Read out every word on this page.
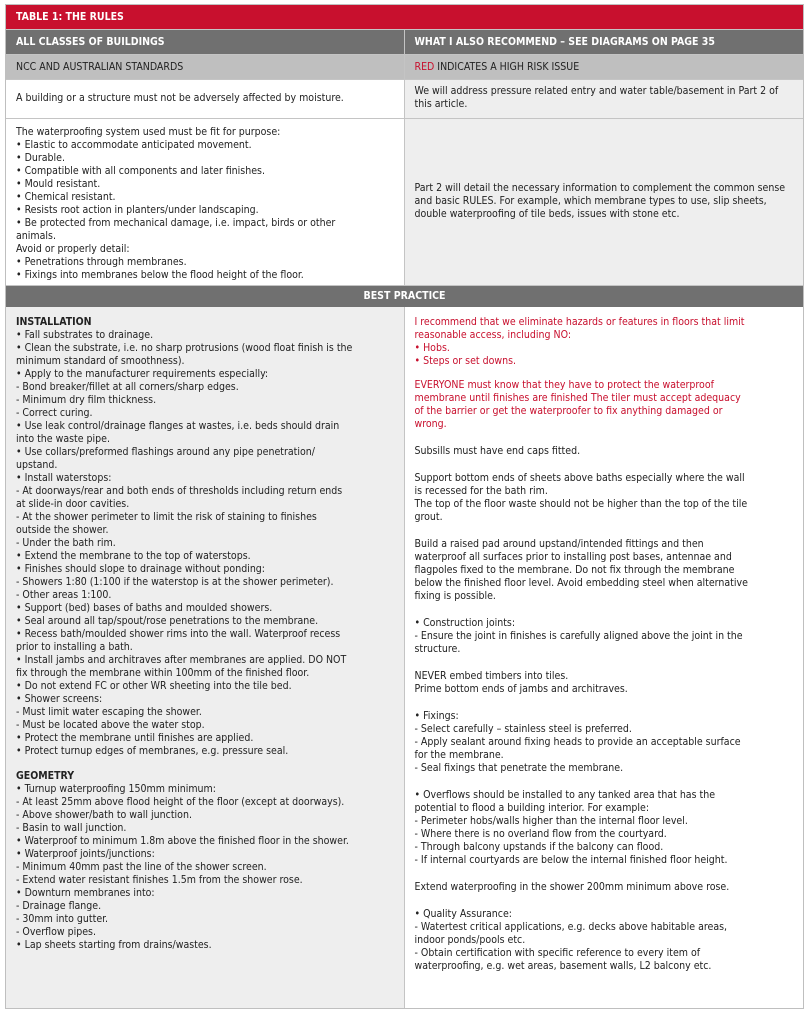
TABLE 1: THE RULES
ALL CLASSES OF BUILDINGS	WHAT I ALSO RECOMMEND – SEE DIAGRAMS ON PAGE 35
NCC AND AUSTRALIAN STANDARDS	RED INDICATES A HIGH RISK ISSUE
A building or a structure must not be adversely affected by moisture.
We will address pressure related entry and water table/basement in Part 2 of this article.
The waterproofing system used must be fit for purpose:
• Elastic to accommodate anticipated movement.
• Durable.
• Compatible with all components and later finishes.
• Mould resistant.
• Chemical resistant.
• Resists root action in planters/under landscaping.
• Be protected from mechanical damage, i.e. impact, birds or other
animals.
Avoid or properly detail:
• Penetrations through membranes.
• Fixings into membranes below the flood height of the floor.
Part 2 will detail the necessary information to complement the common sense and basic RULES. For example, which membrane types to use, slip sheets, double waterproofing of tile beds, issues with stone etc.
BEST PRACTICE
INSTALLATION
• Fall substrates to drainage.
• Clean the substrate, i.e. no sharp protrusions (wood float finish is the
minimum standard of smoothness).
• Apply to the manufacturer requirements especially:
- Bond breaker/fillet at all corners/sharp edges.
- Minimum dry film thickness.
- Correct curing.
• Use leak control/drainage flanges at wastes, i.e. beds should drain
into the waste pipe.
• Use collars/preformed flashings around any pipe penetration/
upstand.
• Install waterstops:
- At doorways/rear and both ends of thresholds including return ends
at slide-in door cavities.
- At the shower perimeter to limit the risk of staining to finishes
outside the shower.
- Under the bath rim.
• Extend the membrane to the top of waterstops.
• Finishes should slope to drainage without ponding:
- Showers 1:80 (1:100 if the waterstop is at the shower perimeter).
- Other areas 1:100.
• Support (bed) bases of baths and moulded showers.
• Seal around all tap/spout/rose penetrations to the membrane.
• Recess bath/moulded shower rims into the wall. Waterproof recess
prior to installing a bath.
• Install jambs and architraves after membranes are applied. DO NOT
fix through the membrane within 100mm of the finished floor.
• Do not extend FC or other WR sheeting into the tile bed.
• Shower screens:
- Must limit water escaping the shower.
- Must be located above the water stop.
• Protect the membrane until finishes are applied.
• Protect turnup edges of membranes, e.g. pressure seal.
GEOMETRY
• Turnup waterproofing 150mm minimum:
- At least 25mm above flood height of the floor (except at doorways).
- Above shower/bath to wall junction.
- Basin to wall junction.
• Waterproof to minimum 1.8m above the finished floor in the shower.
• Waterproof joints/junctions:
- Minimum 40mm past the line of the shower screen.
- Extend water resistant finishes 1.5m from the shower rose.
• Downturn membranes into:
- Drainage flange.
- 30mm into gutter.
- Overflow pipes.
• Lap sheets starting from drains/wastes.
I recommend that we eliminate hazards or features in floors that limit
reasonable access, including NO:
• Hobs.
• Steps or set downs.
EVERYONE must know that they have to protect the waterproof
membrane until finishes are finished The tiler must accept adequacy
of the barrier or get the waterproofer to fix anything damaged or
wrong.
Subsills must have end caps fitted.
Support bottom ends of sheets above baths especially where the wall
is recessed for the bath rim.
The top of the floor waste should not be higher than the top of the tile
grout.
Build a raised pad around upstand/intended fittings and then
waterproof all surfaces prior to installing post bases, antennae and
flagpoles fixed to the membrane. Do not fix through the membrane
below the finished floor level. Avoid embedding steel when alternative
fixing is possible.
• Construction joints:
- Ensure the joint in finishes is carefully aligned above the joint in the
structure.
NEVER embed timbers into tiles.
Prime bottom ends of jambs and architraves.
• Fixings:
- Select carefully – stainless steel is preferred.
- Apply sealant around fixing heads to provide an acceptable surface
for the membrane.
- Seal fixings that penetrate the membrane.
• Overflows should be installed to any tanked area that has the
potential to flood a building interior. For example:
- Perimeter hobs/walls higher than the internal floor level.
- Where there is no overland flow from the courtyard.
- Through balcony upstands if the balcony can flood.
- If internal courtyards are below the internal finished floor height.
Extend waterproofing in the shower 200mm minimum above rose.
• Quality Assurance:
- Watertest critical applications, e.g. decks above habitable areas,
indoor ponds/pools etc.
- Obtain certification with specific reference to every item of
waterproofing, e.g. wet areas, basement walls, L2 balcony etc.
